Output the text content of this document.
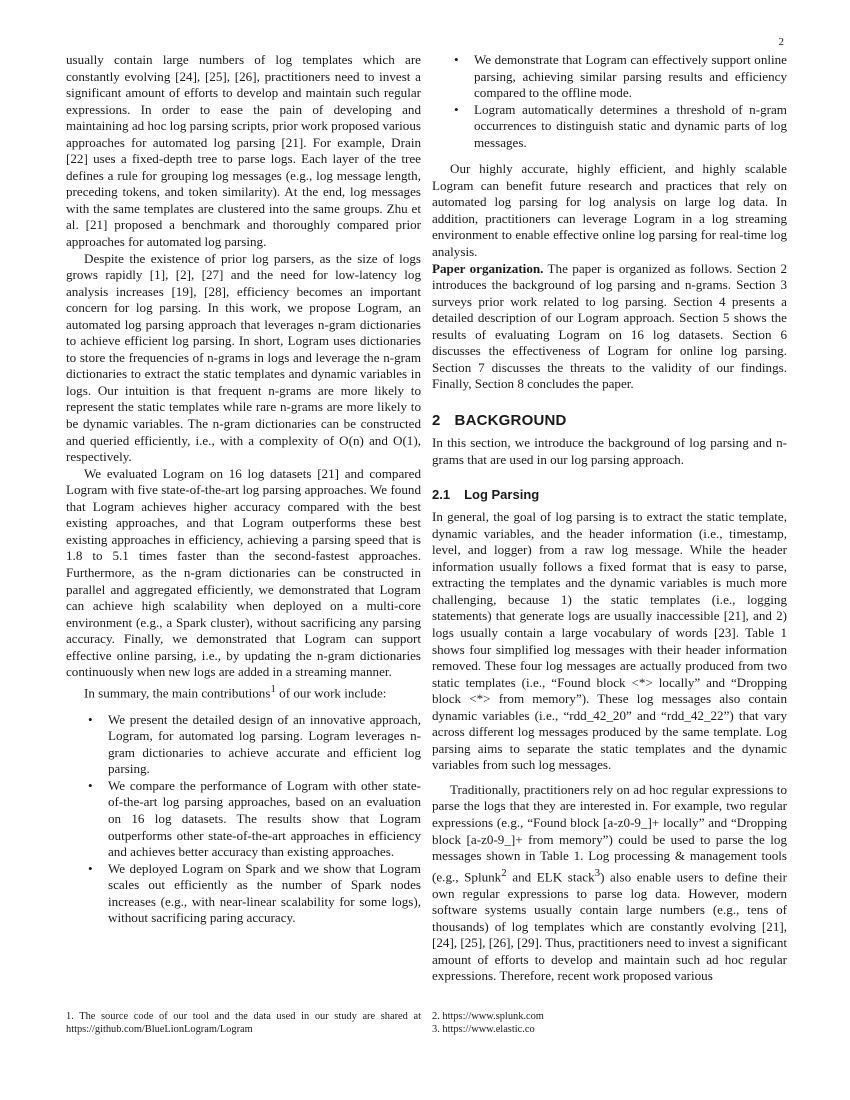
2

usually contain large numbers of log templates which are constantly evolving [24], [25], [26], practitioners need to invest a significant amount of efforts to develop and maintain such regular expressions. In order to ease the pain of developing and maintaining ad hoc log parsing scripts, prior work proposed various approaches for automated log parsing [21]. For example, Drain [22] uses a fixed-depth tree to parse logs. Each layer of the tree defines a rule for grouping log messages (e.g., log message length, preceding tokens, and token similarity). At the end, log messages with the same templates are clustered into the same groups. Zhu et al. [21] proposed a benchmark and thoroughly compared prior approaches for automated log parsing.

Despite the existence of prior log parsers, as the size of logs grows rapidly [1], [2], [27] and the need for low-latency log analysis increases [19], [28], efficiency becomes an important concern for log parsing. In this work, we propose Logram, an automated log parsing approach that leverages n-gram dictionaries to achieve efficient log parsing. In short, Logram uses dictionaries to store the frequencies of n-grams in logs and leverage the n-gram dictionaries to extract the static templates and dynamic variables in logs. Our intuition is that frequent n-grams are more likely to represent the static templates while rare n-grams are more likely to be dynamic variables. The n-gram dictionaries can be constructed and queried efficiently, i.e., with a complexity of O(n) and O(1), respectively.

We evaluated Logram on 16 log datasets [21] and compared Logram with five state-of-the-art log parsing approaches. We found that Logram achieves higher accuracy compared with the best existing approaches, and that Logram outperforms these best existing approaches in efficiency, achieving a parsing speed that is 1.8 to 5.1 times faster than the second-fastest approaches. Furthermore, as the n-gram dictionaries can be constructed in parallel and aggregated efficiently, we demonstrated that Logram can achieve high scalability when deployed on a multi-core environment (e.g., a Spark cluster), without sacrificing any parsing accuracy. Finally, we demonstrated that Logram can support effective online parsing, i.e., by updating the n-gram dictionaries continuously when new logs are added in a streaming manner.

In summary, the main contributions$^1$ of our work include:

• We present the detailed design of an innovative approach, Logram, for automated log parsing. Logram leverages n-gram dictionaries to achieve accurate and efficient log parsing.
• We compare the performance of Logram with other state-of-the-art log parsing approaches, based on an evaluation on 16 log datasets. The results show that Logram outperforms other state-of-the-art approaches in efficiency and achieves better accuracy than existing approaches.
• We deployed Logram on Spark and we show that Logram scales out efficiently as the number of Spark nodes increases (e.g., with near-linear scalability for some logs), without sacrificing paring accuracy.
• We demonstrate that Logram can effectively support online parsing, achieving similar parsing results and efficiency compared to the offline mode.
• Logram automatically determines a threshold of n-gram occurrences to distinguish static and dynamic parts of log messages.

Our highly accurate, highly efficient, and highly scalable Logram can benefit future research and practices that rely on automated log parsing for log analysis on large log data. In addition, practitioners can leverage Logram in a log streaming environment to enable effective online log parsing for real-time log analysis.

Paper organization. The paper is organized as follows. Section 2 introduces the background of log parsing and n-grams. Section 3 surveys prior work related to log parsing. Section 4 presents a detailed description of our Logram approach. Section 5 shows the results of evaluating Logram on 16 log datasets. Section 6 discusses the effectiveness of Logram for online log parsing. Section 7 discusses the threats to the validity of our findings. Finally, Section 8 concludes the paper.

2 BACKGROUND

In this section, we introduce the background of log parsing and n-grams that are used in our log parsing approach.

2.1 Log Parsing

In general, the goal of log parsing is to extract the static template, dynamic variables, and the header information (i.e., timestamp, level, and logger) from a raw log message. While the header information usually follows a fixed format that is easy to parse, extracting the templates and the dynamic variables is much more challenging, because 1) the static templates (i.e., logging statements) that generate logs are usually inaccessible [21], and 2) logs usually contain a large vocabulary of words [23]. Table 1 shows four simplified log messages with their header information removed. These four log messages are actually produced from two static templates (i.e., “Found block <*> locally” and “Dropping block <*> from memory”). These log messages also contain dynamic variables (i.e., “rdd_42_20” and “rdd_42_22”) that vary across different log messages produced by the same template. Log parsing aims to separate the static templates and the dynamic variables from such log messages.

Traditionally, practitioners rely on ad hoc regular expressions to parse the logs that they are interested in. For example, two regular expressions (e.g., “Found block [a-z0-9_]+ locally” and “Dropping block [a-z0-9_]+ from memory”) could be used to parse the log messages shown in Table 1. Log processing & management tools (e.g., Splunk$^2$ and ELK stack$^3$) also enable users to define their own regular expressions to parse log data. However, modern software systems usually contain large numbers (e.g., tens of thousands) of log templates which are constantly evolving [21], [24], [25], [26], [29]. Thus, practitioners need to invest a significant amount of efforts to develop and maintain such ad hoc regular expressions. Therefore, recent work proposed various

1. The source code of our tool and the data used in our study are shared at https://github.com/BlueLionLogram/Logram
2. https://www.splunk.com
3. https://www.elastic.co
